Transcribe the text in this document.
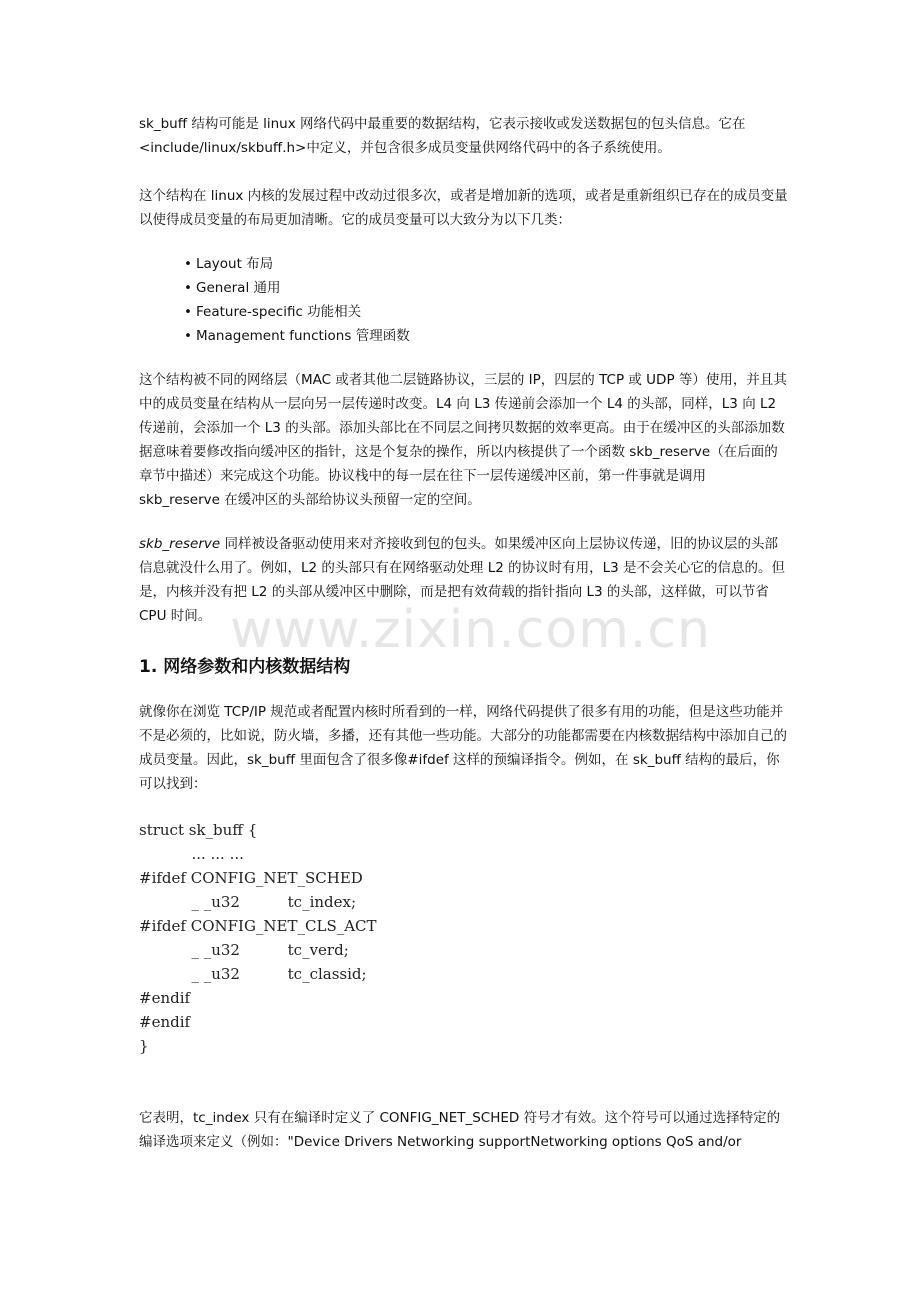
www.zixin.com.cn

sk_buff 结构可能是 linux 网络代码中最重要的数据结构，它表示接收或发送数据包的包头信息。它在<include/linux/skbuff.h>中定义，并包含很多成员变量供网络代码中的各子系统使用。

这个结构在 linux 内核的发展过程中改动过很多次，或者是增加新的选项，或者是重新组织已存在的成员变量以使得成员变量的布局更加清晰。它的成员变量可以大致分为以下几类：

• Layout 布局
• General 通用
• Feature-specific 功能相关
• Management functions 管理函数

这个结构被不同的网络层（MAC 或者其他二层链路协议，三层的 IP，四层的 TCP 或 UDP 等）使用，并且其中的成员变量在结构从一层向另一层传递时改变。L4 向 L3 传递前会添加一个 L4 的头部，同样，L3 向 L2 传递前，会添加一个 L3 的头部。添加头部比在不同层之间拷贝数据的效率更高。由于在缓冲区的头部添加数据意味着要修改指向缓冲区的指针，这是个复杂的操作，所以内核提供了一个函数 skb_reserve（在后面的章节中描述）来完成这个功能。协议栈中的每一层在往下一层传递缓冲区前，第一件事就是调用 skb_reserve 在缓冲区的头部给协议头预留一定的空间。

skb_reserve 同样被设备驱动使用来对齐接收到包的包头。如果缓冲区向上层协议传递，旧的协议层的头部信息就没什么用了。例如，L2 的头部只有在网络驱动处理 L2 的协议时有用，L3 是不会关心它的信息的。但是，内核并没有把 L2 的头部从缓冲区中删除，而是把有效荷载的指针指向 L3 的头部，这样做，可以节省 CPU 时间。

1. 网络参数和内核数据结构

就像你在浏览 TCP/IP 规范或者配置内核时所看到的一样，网络代码提供了很多有用的功能，但是这些功能并不是必须的，比如说，防火墙，多播，还有其他一些功能。大部分的功能都需要在内核数据结构中添加自己的成员变量。因此，sk_buff 里面包含了很多像#ifdef 这样的预编译指令。例如，在 sk_buff 结构的最后，你可以找到：

struct sk_buff {
... ... ...
#ifdef CONFIG_NET_SCHED
_ _u32          tc_index;
#ifdef CONFIG_NET_CLS_ACT
_ _u32          tc_verd;
_ _u32          tc_classid;
#endif
#endif
}

它表明，tc_index 只有在编译时定义了 CONFIG_NET_SCHED 符号才有效。这个符号可以通过选择特定的编译选项来定义（例如："Device Drivers Networking supportNetworking options QoS and/or
